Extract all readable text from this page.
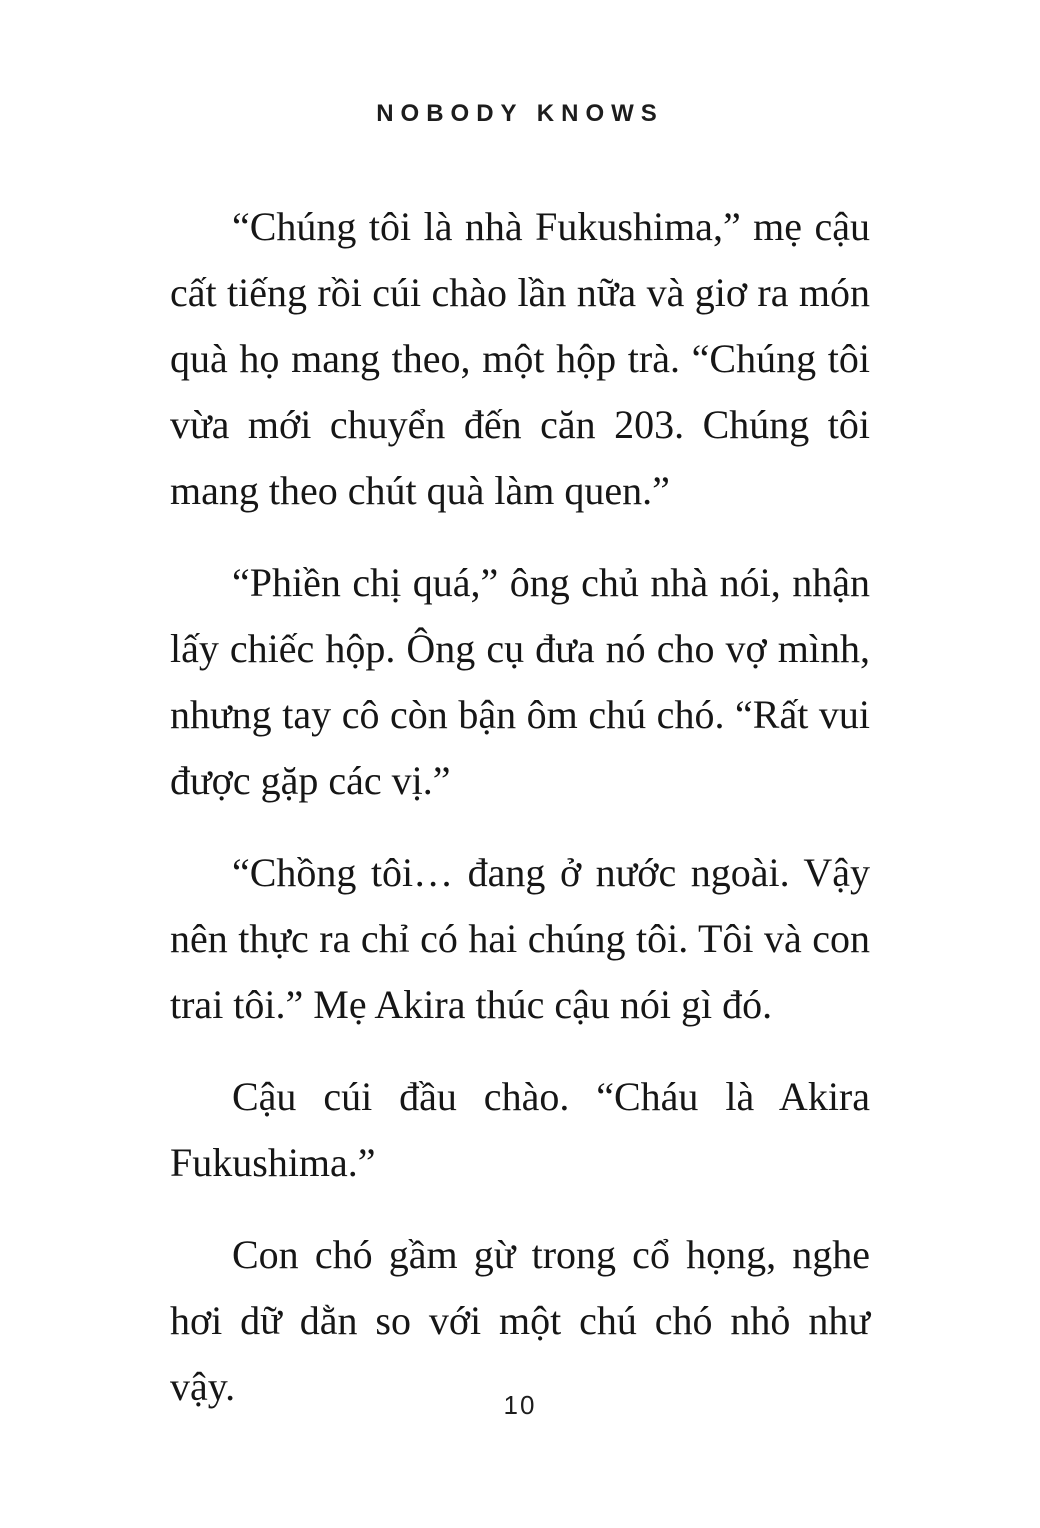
NOBODY KNOWS

“Chúng tôi là nhà Fukushima,” mẹ cậu cất tiếng rồi cúi chào lần nữa và giơ ra món quà họ mang theo, một hộp trà. “Chúng tôi vừa mới chuyển đến căn 203. Chúng tôi mang theo chút quà làm quen.”

“Phiền chị quá,” ông chủ nhà nói, nhận lấy chiếc hộp. Ông cụ đưa nó cho vợ mình, nhưng tay cô còn bận ôm chú chó. “Rất vui được gặp các vị.”

“Chồng tôi… đang ở nước ngoài. Vậy nên thực ra chỉ có hai chúng tôi. Tôi và con trai tôi.” Mẹ Akira thúc cậu nói gì đó.

Cậu cúi đầu chào. “Cháu là Akira Fukushima.”

Con chó gầm gừ trong cổ họng, nghe hơi dữ dằn so với một chú chó nhỏ như vậy.	10
